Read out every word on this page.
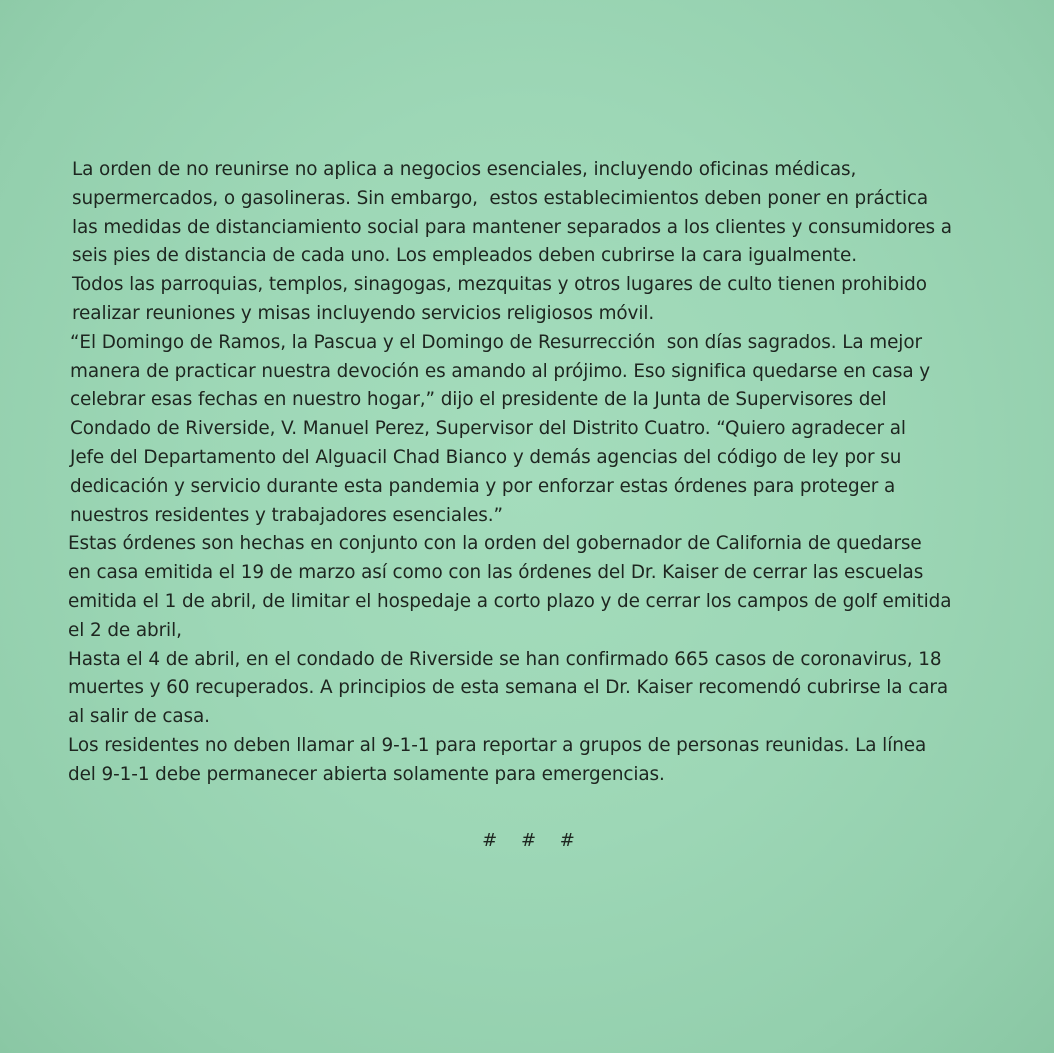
La orden de no reunirse no aplica a negocios esenciales, incluyendo oficinas médicas,
supermercados, o gasolineras. Sin embargo,  estos establecimientos deben poner en práctica
las medidas de distanciamiento social para mantener separados a los clientes y consumidores a
seis pies de distancia de cada uno. Los empleados deben cubrirse la cara igualmente.
Todos las parroquias, templos, sinagogas, mezquitas y otros lugares de culto tienen prohibido
realizar reuniones y misas incluyendo servicios religiosos móvil.
“El Domingo de Ramos, la Pascua y el Domingo de Resurrección  son días sagrados. La mejor
manera de practicar nuestra devoción es amando al prójimo. Eso significa quedarse en casa y
celebrar esas fechas en nuestro hogar,” dijo el presidente de la Junta de Supervisores del
Condado de Riverside, V. Manuel Perez, Supervisor del Distrito Cuatro. “Quiero agradecer al
Jefe del Departamento del Alguacil Chad Bianco y demás agencias del código de ley por su
dedicación y servicio durante esta pandemia y por enforzar estas órdenes para proteger a
nuestros residentes y trabajadores esenciales.”
Estas órdenes son hechas en conjunto con la orden del gobernador de California de quedarse
en casa emitida el 19 de marzo así como con las órdenes del Dr. Kaiser de cerrar las escuelas
emitida el 1 de abril, de limitar el hospedaje a corto plazo y de cerrar los campos de golf emitida
el 2 de abril,
Hasta el 4 de abril, en el condado de Riverside se han confirmado 665 casos de coronavirus, 18
muertes y 60 recuperados. A principios de esta semana el Dr. Kaiser recomendó cubrirse la cara
al salir de casa.
Los residentes no deben llamar al 9-1-1 para reportar a grupos de personas reunidas. La línea
del 9-1-1 debe permanecer abierta solamente para emergencias.
# # #
